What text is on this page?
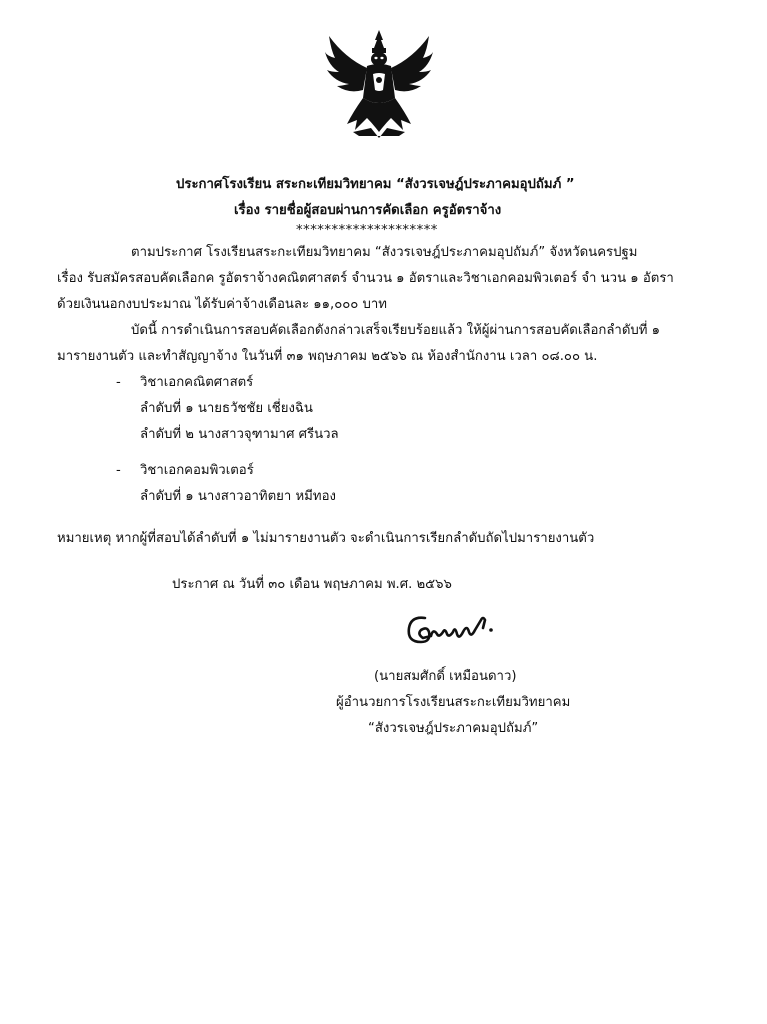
ประกาศโรงเรียน สระกะเทียมวิทยาคม “สังวรเจษฎ์ประภาคมอุปถัมภ์ ”
เรื่อง รายชื่อผู้สอบผ่านการคัดเลือก ครูอัตราจ้าง
********************
ตามประกาศ โรงเรียนสระกะเทียมวิทยาคม “สังวรเจษฎ์ประภาคมอุปถัมภ์” จังหวัดนครปฐม
เรื่อง รับสมัครสอบคัดเลือกค รูอัตราจ้างคณิตศาสตร์ จำนวน ๑ อัตราและวิชาเอกคอมพิวเตอร์ จำ นวน ๑ อัตรา
ด้วยเงินนอกงบประมาณ ได้รับค่าจ้างเดือนละ ๑๑,๐๐๐ บาท
บัดนี้ การดำเนินการสอบคัดเลือกดังกล่าวเสร็จเรียบร้อยแล้ว ให้ผู้ผ่านการสอบคัดเลือกลำดับที่ ๑
มารายงานตัว และทำสัญญาจ้าง ในวันที่ ๓๑ พฤษภาคม ๒๕๖๖ ณ ห้องสำนักงาน เวลา ๐๘.๐๐ น.
- วิชาเอกคณิตศาสตร์
ลำดับที่ ๑ นายธวัชชัย เชี่ยงฉิน
ลำดับที่ ๒ นางสาวจุฑามาศ ศรีนวล
- วิชาเอกคอมพิวเตอร์
ลำดับที่ ๑ นางสาวอาทิตยา หมีทอง
หมายเหตุ หากผู้ที่สอบได้ลำดับที่ ๑ ไม่มารายงานตัว จะดำเนินการเรียกลำดับถัดไปมารายงานตัว
ประกาศ ณ วันที่ ๓๐ เดือน พฤษภาคม พ.ศ. ๒๕๖๖
(นายสมศักดิ์ เหมือนดาว)
ผู้อำนวยการโรงเรียนสระกะเทียมวิทยาคม
“สังวรเจษฎ์ประภาคมอุปถัมภ์”
